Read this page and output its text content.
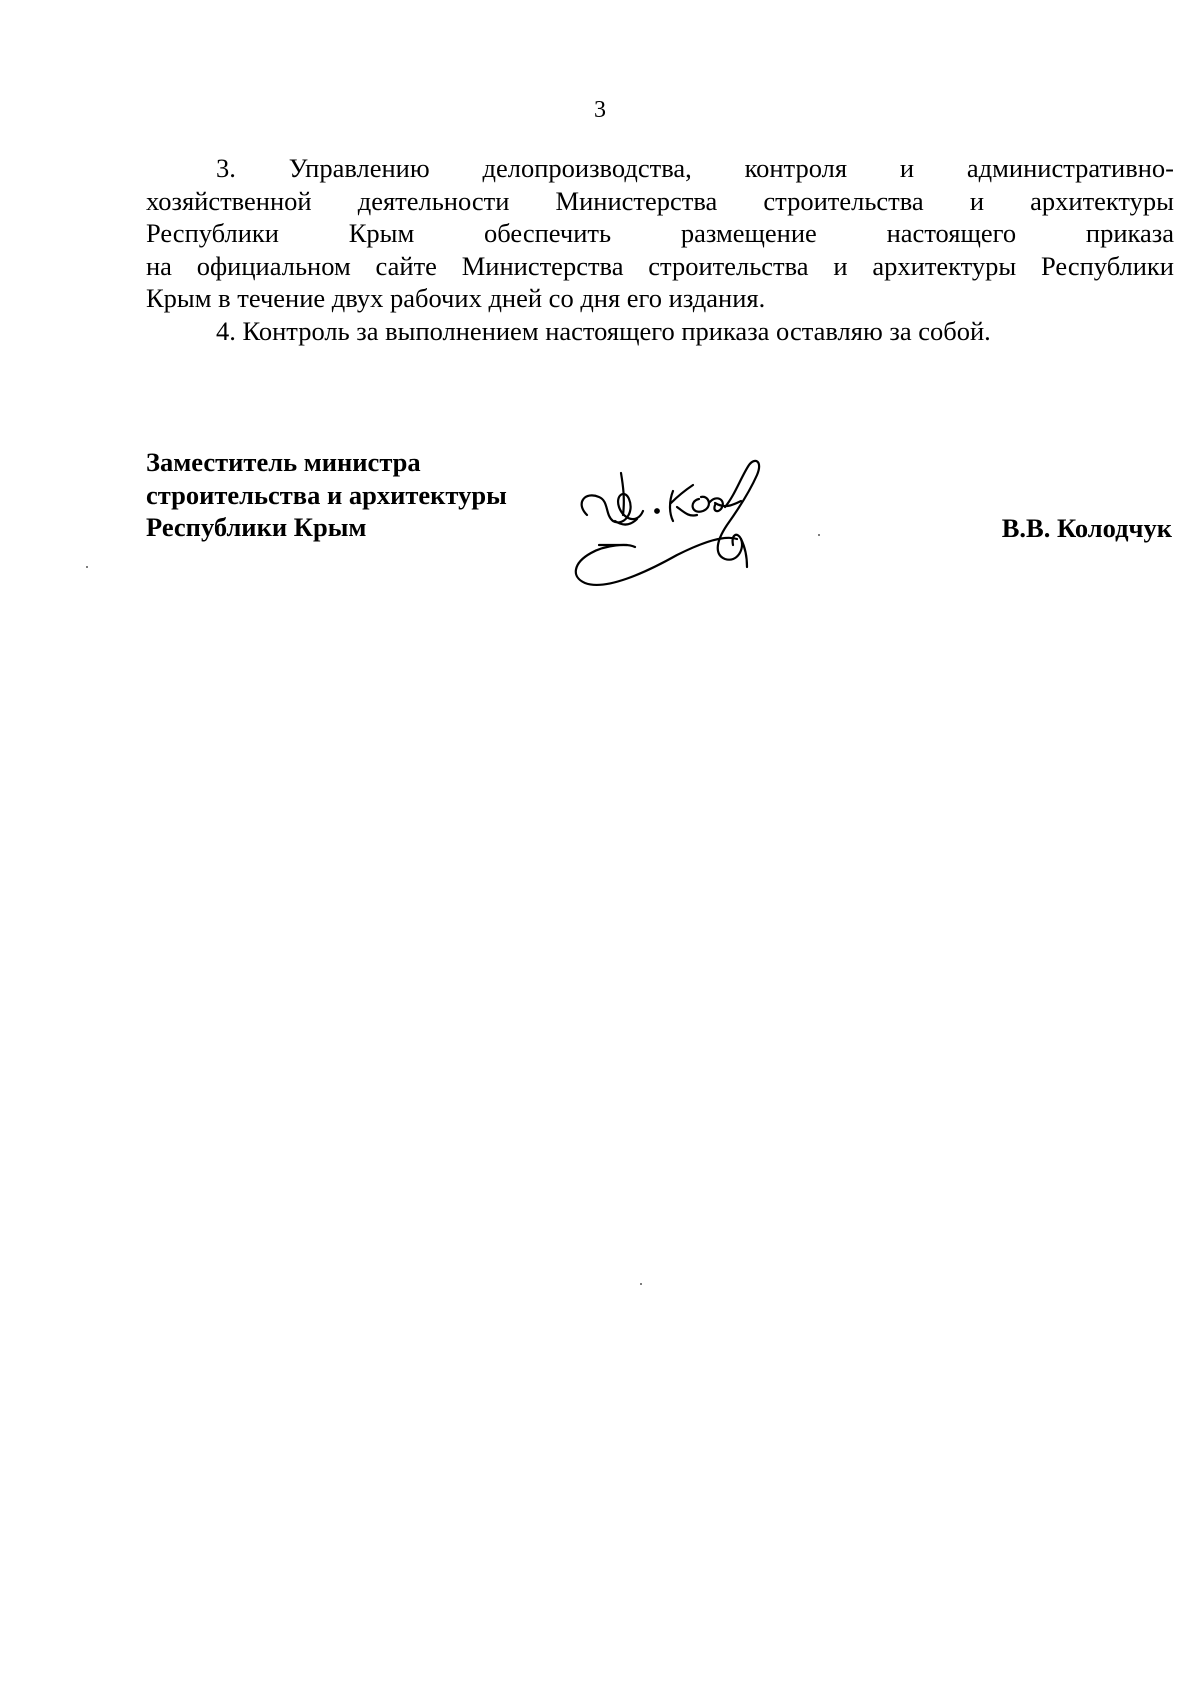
3
3. Управлению делопроизводства, контроля и административно-
хозяйственной деятельности Министерства строительства и архитектуры
Республики	Крым	обеспечить	размещение	настоящего	приказа
на официальном сайте Министерства строительства и архитектуры Республики
Крым в течение двух рабочих дней со дня его издания.
4. Контроль за выполнением настоящего приказа оставляю за собой.
Заместитель министра
строительства и архитектуры
Республики Крым	В.В. Колодчук
